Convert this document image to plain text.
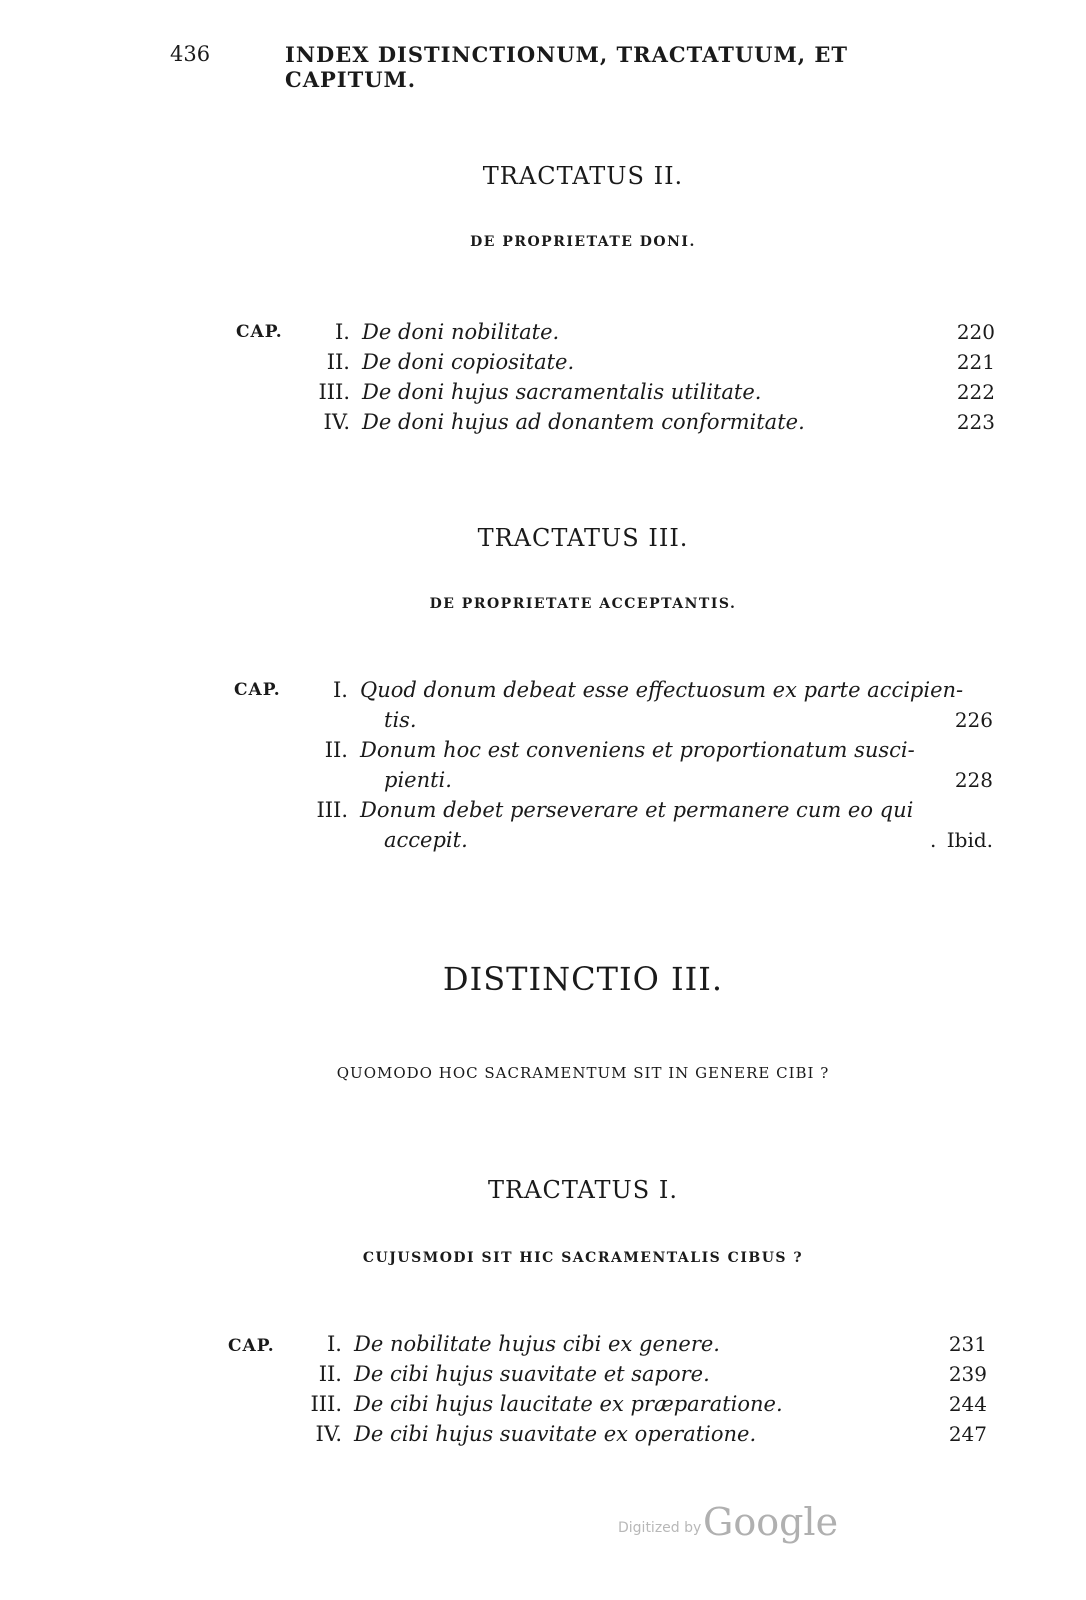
436	INDEX DISTINCTIONUM, TRACTATUUM, ET CAPITUM.
TRACTATUS II.
DE PROPRIETATE DONI.
CAP.	I. De doni nobilitate.	220
II. De doni copiositate.	221
III. De doni hujus sacramentalis utilitate.	222
IV. De doni hujus ad donantem conformitate.	223
TRACTATUS III.
DE PROPRIETATE ACCEPTANTIS.
CAP.	I. Quod donum debeat esse effectuosum ex parte accipien-
tis.	226
II. Donum hoc est conveniens et proportionatum susci-
pienti.	228
III. Donum debet perseverare et permanere cum eo qui
accepit.	. Ibid.
DISTINCTIO III.
QUOMODO HOC SACRAMENTUM SIT IN GENERE CIBI ?
TRACTATUS I.
CUJUSMODI SIT HIC SACRAMENTALIS CIBUS ?
CAP.	I. De nobilitate hujus cibi ex genere.	231
II. De cibi hujus suavitate et sapore.	239
III. De cibi hujus laucitate ex præparatione.	244
IV. De cibi hujus suavitate ex operatione.	247
Digitized by Google
